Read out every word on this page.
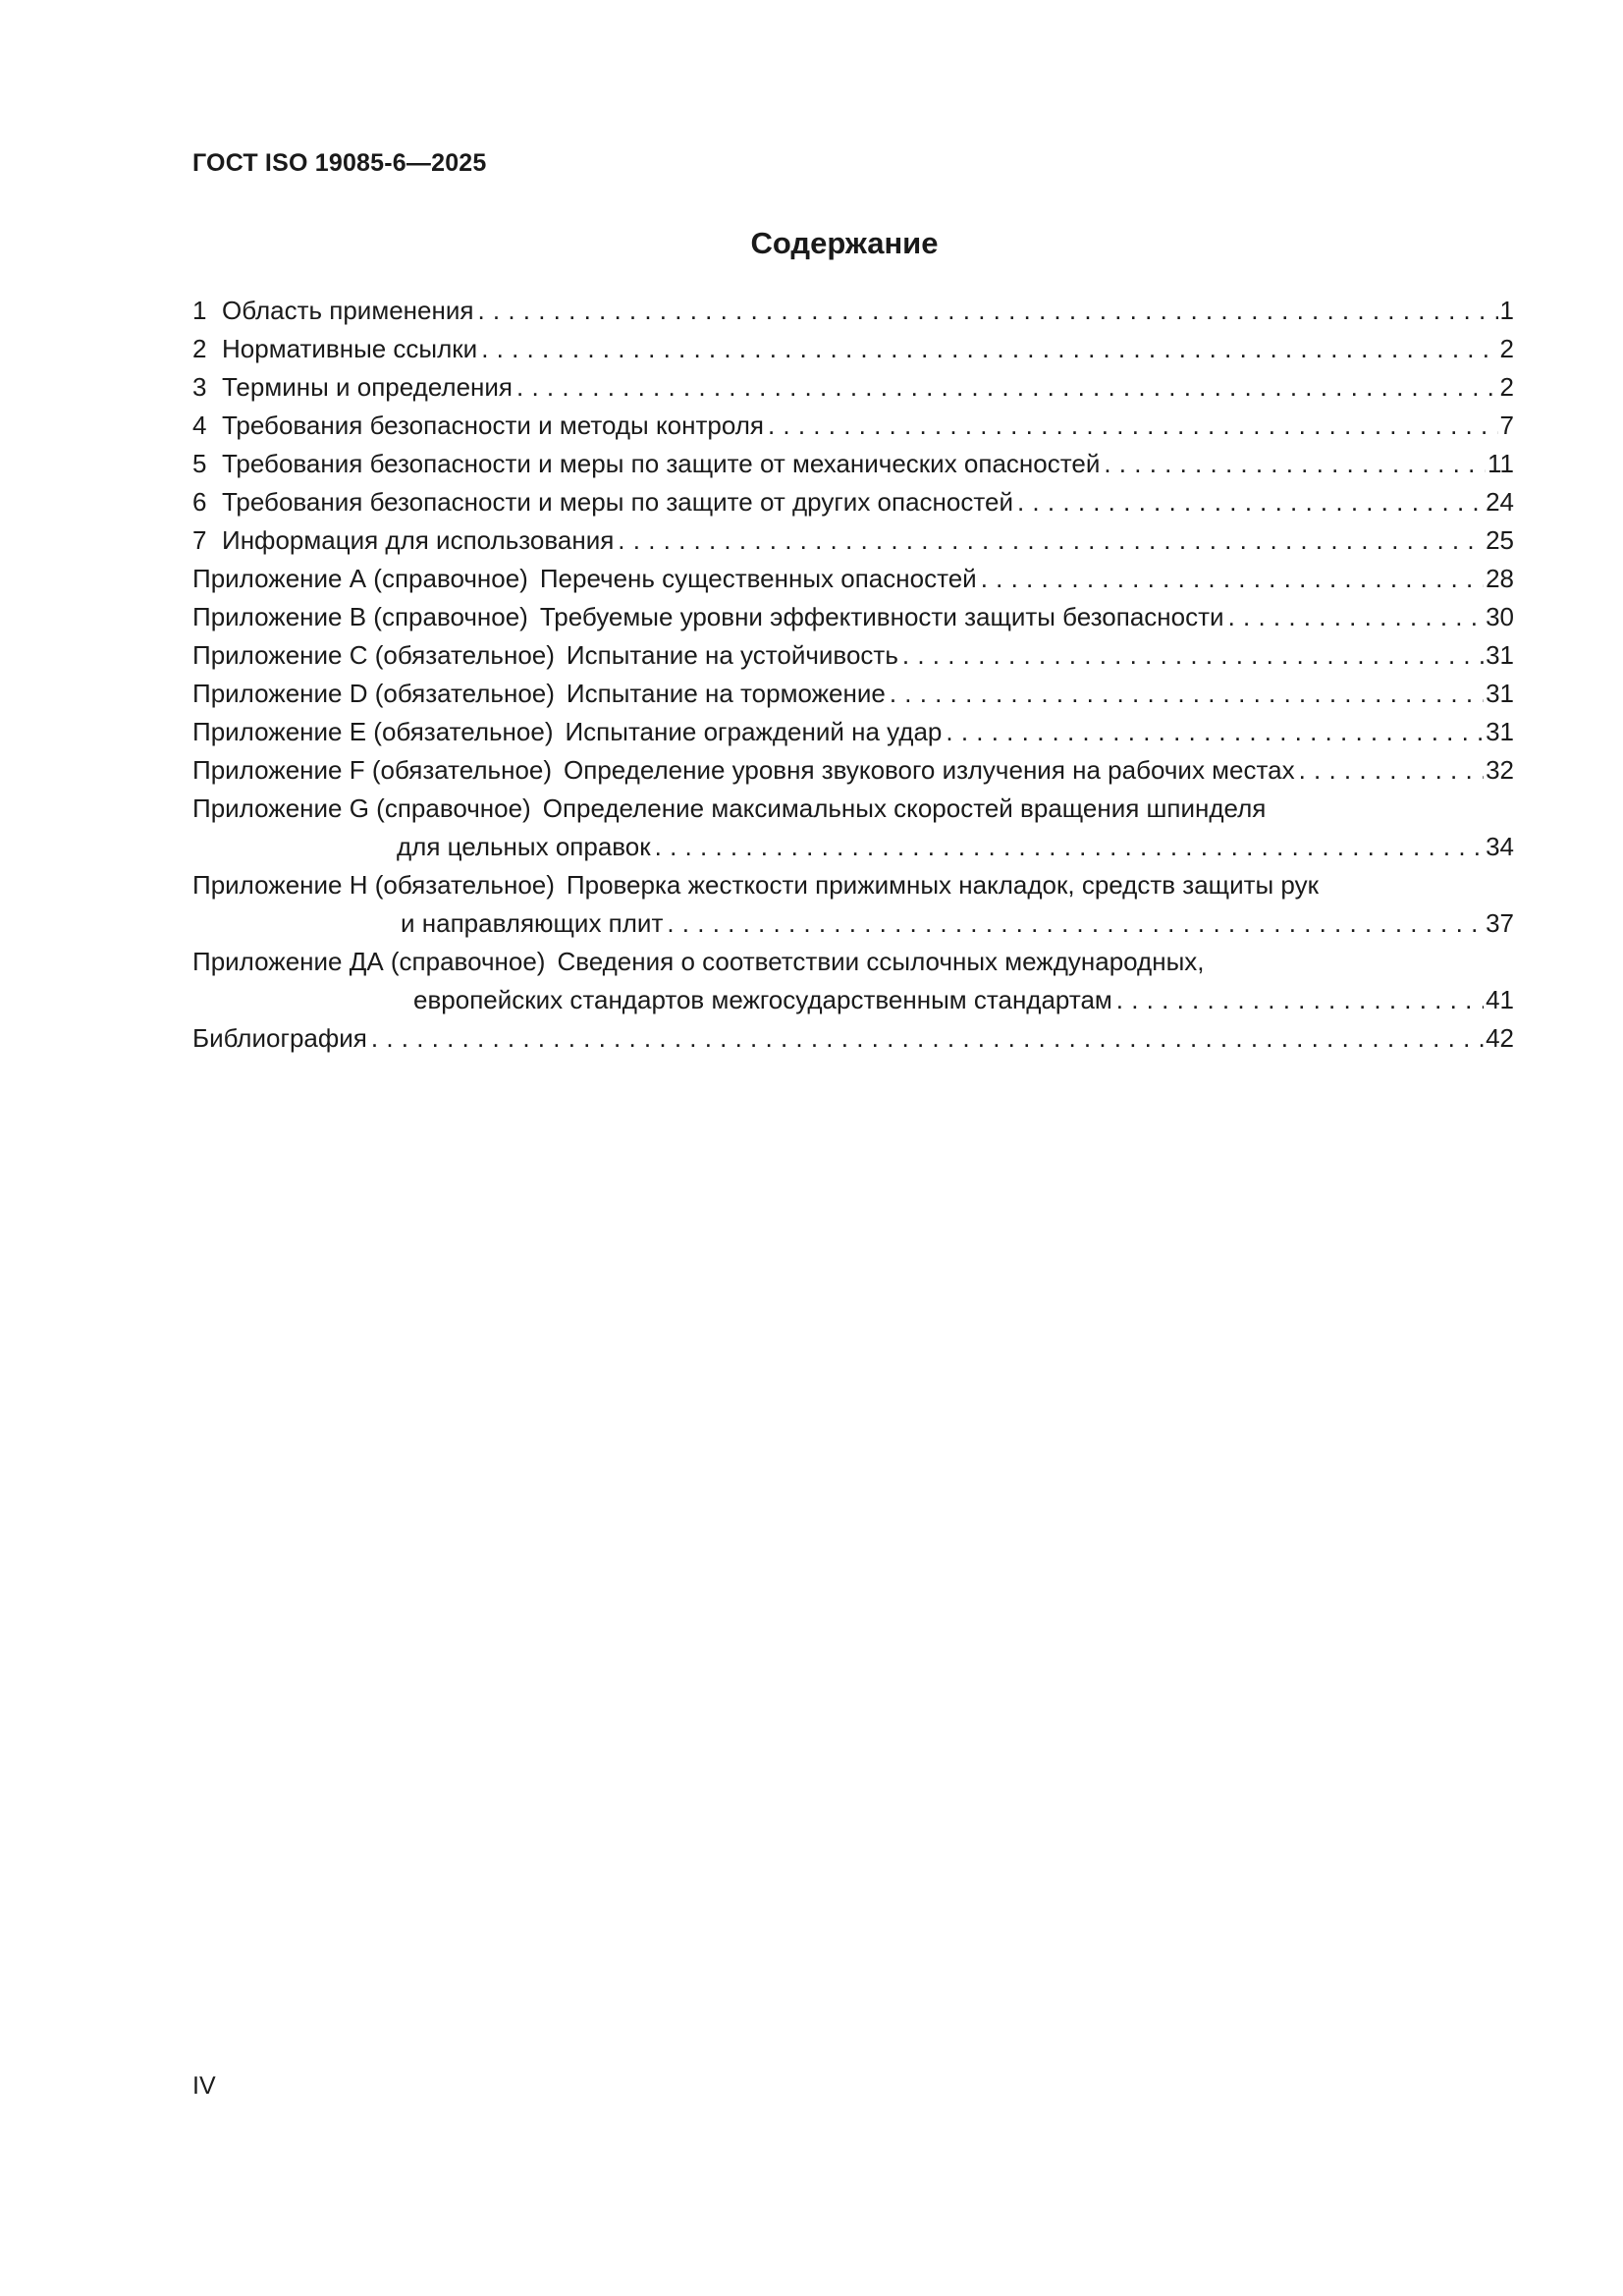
ГОСТ ISO 19085-6—2025
Содержание
1 Область применения . . .	1
2 Нормативные ссылки . . .	2
3 Термины и определения . . .	2
4 Требования безопасности и методы контроля . . .	7
5 Требования безопасности и меры по защите от механических опасностей . . .	11
6 Требования безопасности и меры по защите от других опасностей . . .	24
7 Информация для использования . . .	25
Приложение А (справочное) Перечень существенных опасностей . . .	28
Приложение В (справочное) Требуемые уровни эффективности защиты безопасности . . .	30
Приложение С (обязательное) Испытание на устойчивость . . .	31
Приложение D (обязательное) Испытание на торможение . . .	31
Приложение E (обязательное) Испытание ограждений на удар . . .	31
Приложение F (обязательное) Определение уровня звукового излучения на рабочих местах . . .	32
Приложение G (справочное) Определение максимальных скоростей вращения шпинделя
для цельных оправок . . .	34
Приложение H (обязательное) Проверка жесткости прижимных накладок, средств защиты рук
и направляющих плит . . .	37
Приложение ДА (справочное) Сведения о соответствии ссылочных международных,
европейских стандартов межгосударственным стандартам . . .	41
Библиография . . .	42
IV
